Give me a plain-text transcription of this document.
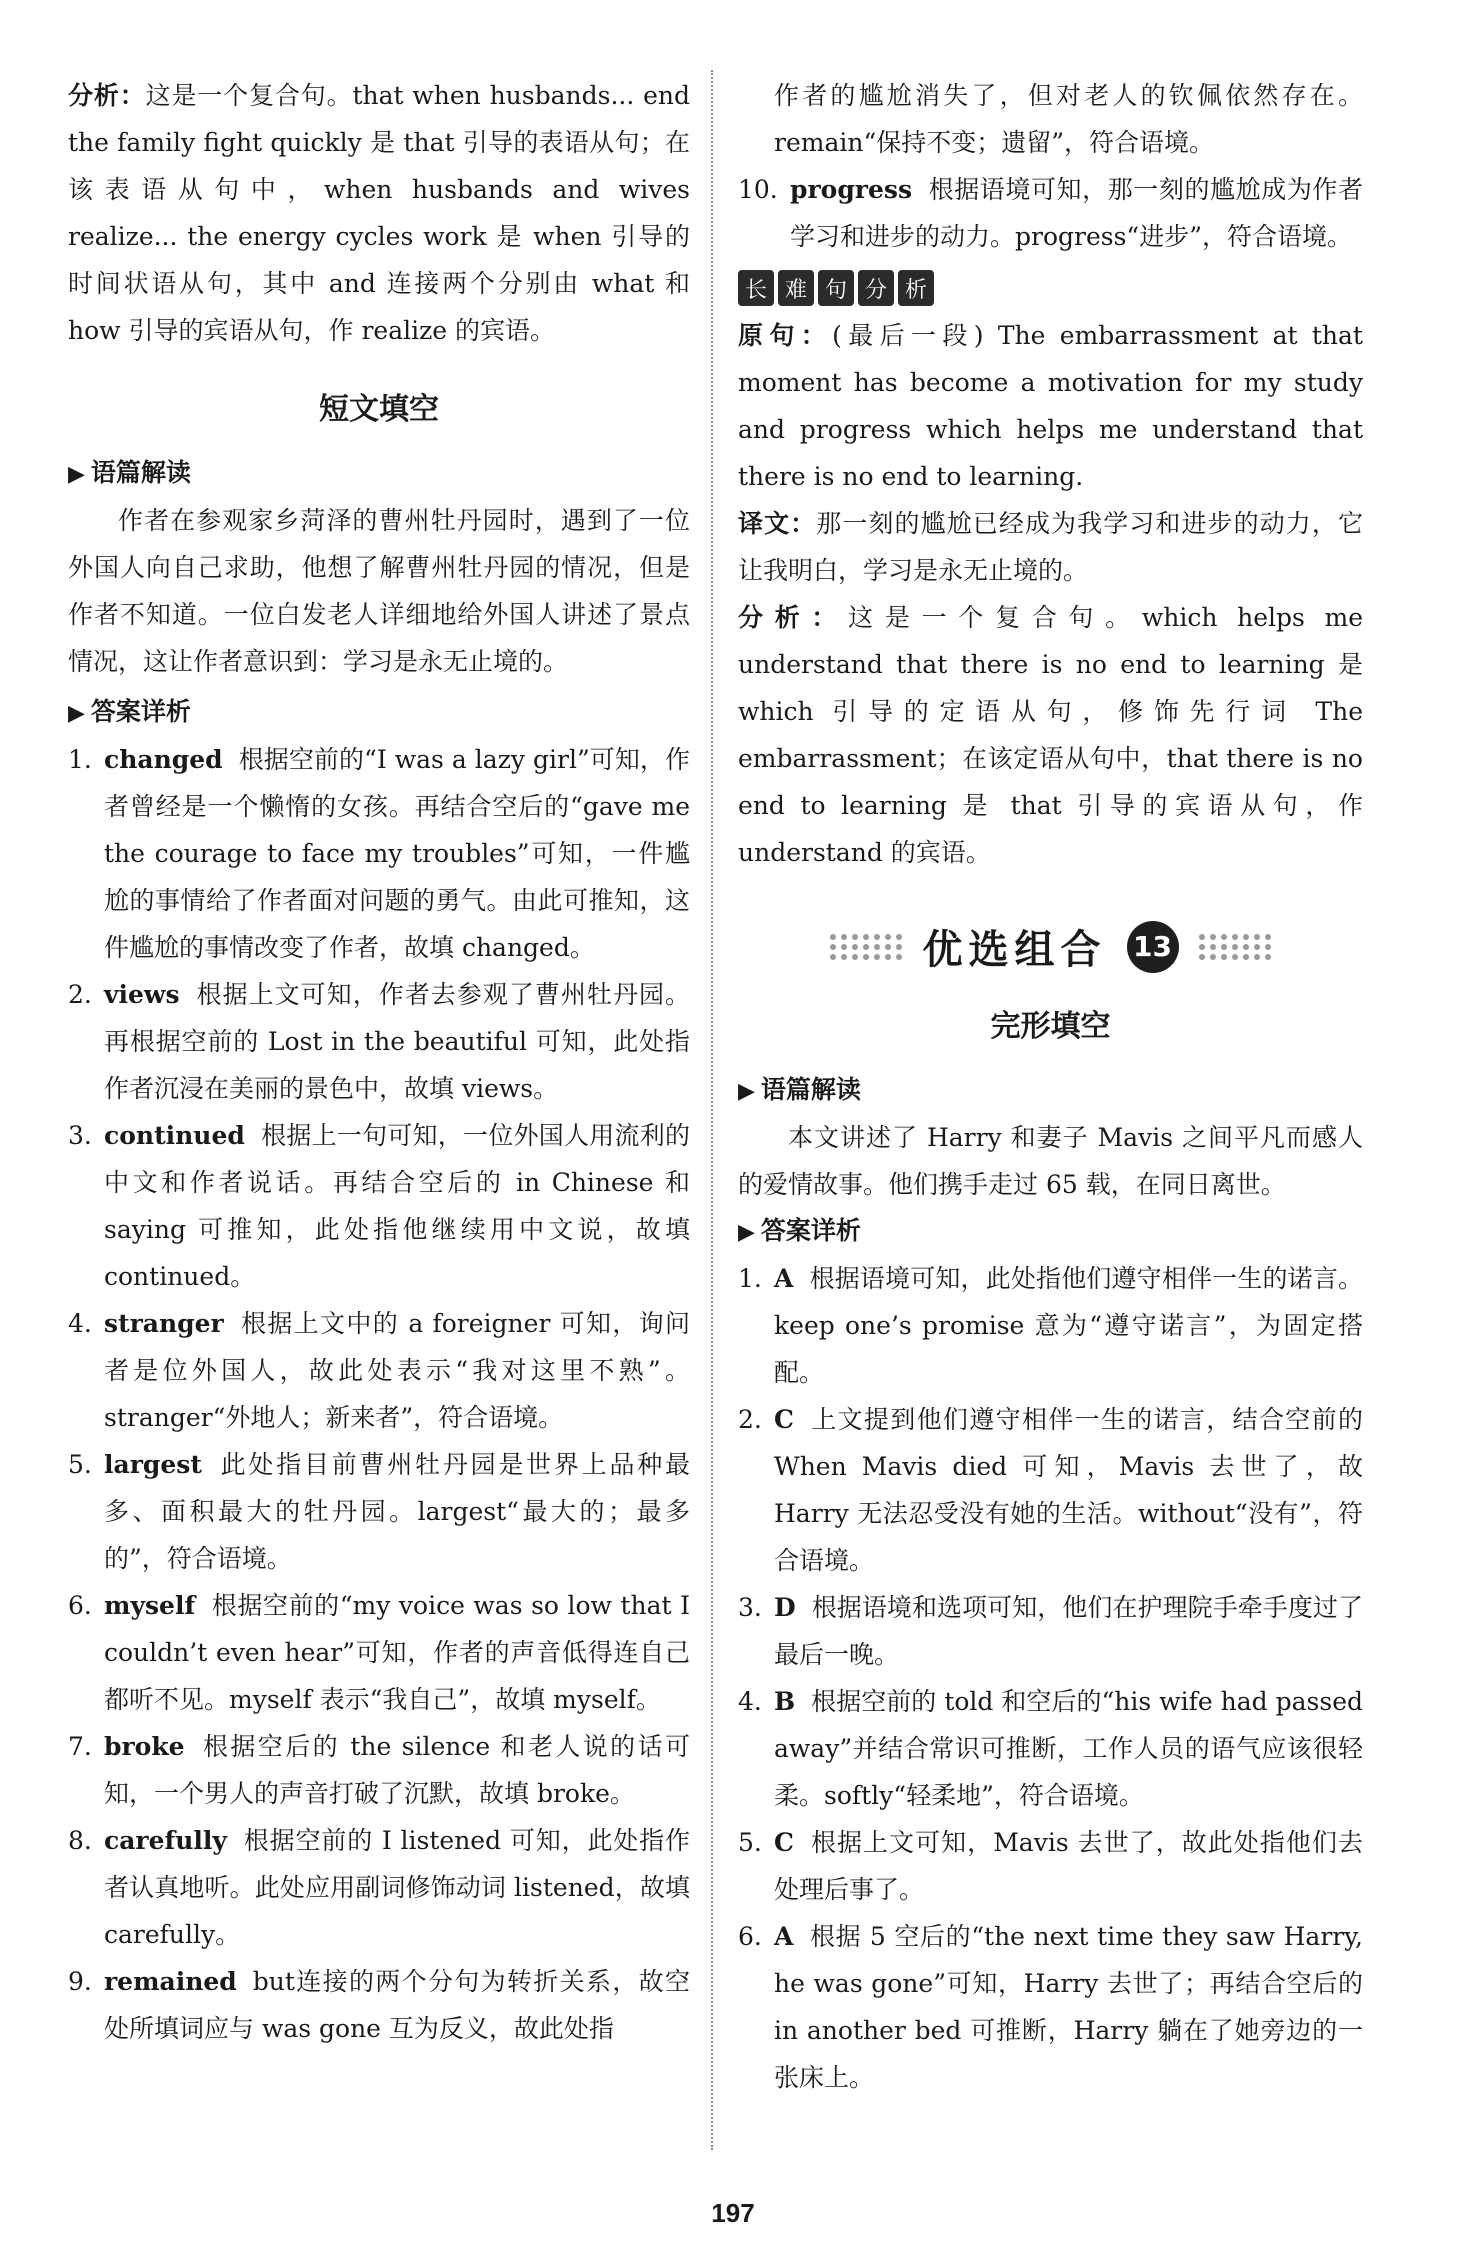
分析：这是一个复合句。that when husbands... end the family fight quickly 是 that 引导的表语从句；在该表语从句中，when husbands and wives realize... the energy cycles work 是 when 引导的时间状语从句，其中 and 连接两个分别由 what 和 how 引导的宾语从句，作 realize 的宾语。

短文填空

▶ 语篇解读

作者在参观家乡菏泽的曹州牡丹园时，遇到了一位外国人向自己求助，他想了解曹州牡丹园的情况，但是作者不知道。一位白发老人详细地给外国人讲述了景点情况，这让作者意识到：学习是永无止境的。

▶ 答案详析

1. changed 根据空前的“I was a lazy girl”可知，作者曾经是一个懒惰的女孩。再结合空后的“gave me the courage to face my troubles”可知，一件尴尬的事情给了作者面对问题的勇气。由此可推知，这件尴尬的事情改变了作者，故填 changed。

2. views 根据上文可知，作者去参观了曹州牡丹园。再根据空前的 Lost in the beautiful 可知，此处指作者沉浸在美丽的景色中，故填 views。

3. continued 根据上一句可知，一位外国人用流利的中文和作者说话。再结合空后的 in Chinese 和 saying 可推知，此处指他继续用中文说，故填 continued。

4. stranger 根据上文中的 a foreigner 可知，询问者是位外国人，故此处表示“我对这里不熟”。stranger“外地人；新来者”，符合语境。

5. largest 此处指目前曹州牡丹园是世界上品种最多、面积最大的牡丹园。largest“最大的；最多的”，符合语境。

6. myself 根据空前的“my voice was so low that I couldn’t even hear”可知，作者的声音低得连自己都听不见。myself 表示“我自己”，故填 myself。

7. broke 根据空后的 the silence 和老人说的话可知，一个男人的声音打破了沉默，故填 broke。

8. carefully 根据空前的 I listened 可知，此处指作者认真地听。此处应用副词修饰动词 listened，故填 carefully。

9. remained but连接的两个分句为转折关系，故空处所填词应与 was gone 互为反义，故此处指

作者的尴尬消失了，但对老人的钦佩依然存在。remain“保持不变；遗留”，符合语境。

10. progress 根据语境可知，那一刻的尴尬成为作者学习和进步的动力。progress“进步”，符合语境。

长 难 句 分 析

原句：(最后一段) The embarrassment at that moment has become a motivation for my study and progress which helps me understand that there is no end to learning.

译文：那一刻的尴尬已经成为我学习和进步的动力，它让我明白，学习是永无止境的。

分析：这是一个复合句。which helps me understand that there is no end to learning 是 which 引导的定语从句，修饰先行词 The embarrassment；在该定语从句中，that there is no end to learning 是 that 引导的宾语从句，作 understand 的宾语。

优选组合 13
完形填空

▶ 语篇解读

本文讲述了 Harry 和妻子 Mavis 之间平凡而感人的爱情故事。他们携手走过 65 载，在同日离世。

▶ 答案详析

1. A 根据语境可知，此处指他们遵守相伴一生的诺言。keep one’s promise 意为“遵守诺言”，为固定搭配。

2. C 上文提到他们遵守相伴一生的诺言，结合空前的 When Mavis died 可知，Mavis 去世了，故 Harry 无法忍受没有她的生活。without“没有”，符合语境。

3. D 根据语境和选项可知，他们在护理院手牵手度过了最后一晚。

4. B 根据空前的 told 和空后的“his wife had passed away”并结合常识可推断，工作人员的语气应该很轻柔。softly“轻柔地”，符合语境。

5. C 根据上文可知，Mavis 去世了，故此处指他们去处理后事了。

6. A 根据 5 空后的“the next time they saw Harry, he was gone”可知，Harry 去世了；再结合空后的 in another bed 可推断，Harry 躺在了她旁边的一张床上。

197
